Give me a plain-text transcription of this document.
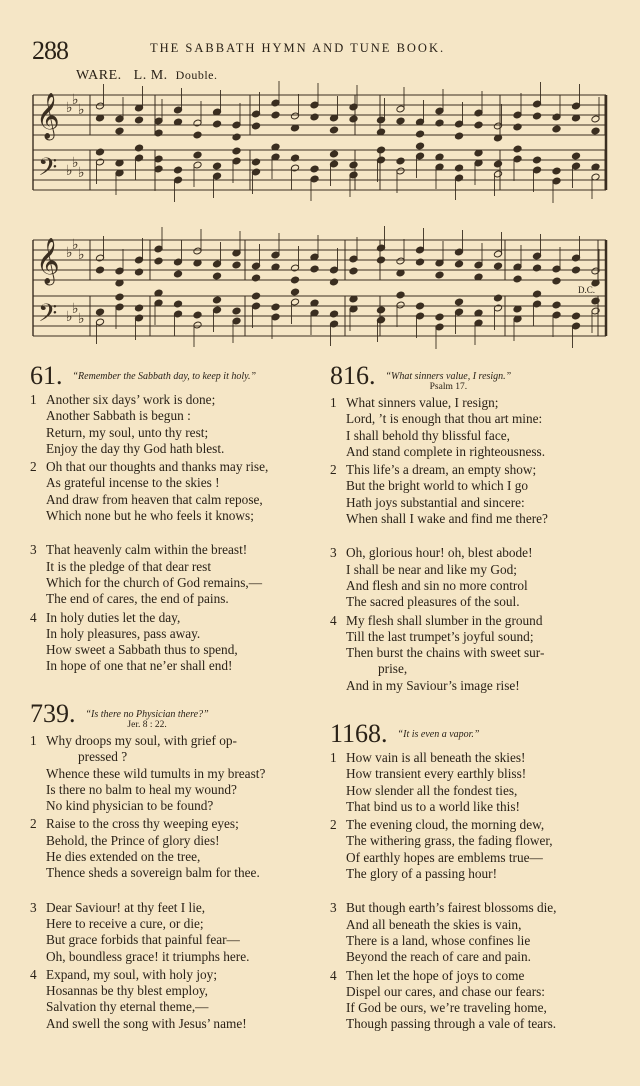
288	THE SABBATH HYMN AND TUNE BOOK.
WARE. L. M. Double.
𝄞
𝄢
♭
♭
♭
♭
♭
♭
𝄞
𝄢
♭
♭
♭
♭
♭
♭
D.C.
61. “Remember the Sabbath day, to keep it holy.”
1 Another six days’ work is done;
Another Sabbath is begun :
Return, my soul, unto thy rest;
Enjoy the day thy God hath blest.
2 Oh that our thoughts and thanks may rise,
As grateful incense to the skies !
And draw from heaven that calm repose,
Which none but he who feels it knows;
3 That heavenly calm within the breast!
It is the pledge of that dear rest
Which for the church of God remains,—
The end of cares, the end of pains.
4 In holy duties let the day,
In holy pleasures, pass away.
How sweet a Sabbath thus to spend,
In hope of one that ne’er shall end!
739. “Is there no Physician there?”
Jer. 8 : 22.
1 Why droops my soul, with grief op-
pressed ?
Whence these wild tumults in my breast?
Is there no balm to heal my wound?
No kind physician to be found?
2 Raise to the cross thy weeping eyes;
Behold, the Prince of glory dies!
He dies extended on the tree,
Thence sheds a sovereign balm for thee.
3 Dear Saviour! at thy feet I lie,
Here to receive a cure, or die;
But grace forbids that painful fear—
Oh, boundless grace! it triumphs here.
4 Expand, my soul, with holy joy;
Hosannas be thy blest employ,
Salvation thy eternal theme,—
And swell the song with Jesus’ name!
816. “What sinners value, I resign.”
Psalm 17.
1 What sinners value, I resign;
Lord, ’t is enough that thou art mine:
I shall behold thy blissful face,
And stand complete in righteousness.
2 This life’s a dream, an empty show;
But the bright world to which I go
Hath joys substantial and sincere:
When shall I wake and find me there?
3 Oh, glorious hour! oh, blest abode!
I shall be near and like my God;
And flesh and sin no more control
The sacred pleasures of the soul.
4 My flesh shall slumber in the ground
Till the last trumpet’s joyful sound;
Then burst the chains with sweet sur-
prise,
And in my Saviour’s image rise!
1168. “It is even a vapor.”
1 How vain is all beneath the skies!
How transient every earthly bliss!
How slender all the fondest ties,
That bind us to a world like this!
2 The evening cloud, the morning dew,
The withering grass, the fading flower,
Of earthly hopes are emblems true—
The glory of a passing hour!
3 But though earth’s fairest blossoms die,
And all beneath the skies is vain,
There is a land, whose confines lie
Beyond the reach of care and pain.
4 Then let the hope of joys to come
Dispel our cares, and chase our fears:
If God be ours, we’re traveling home,
Though passing through a vale of tears.
